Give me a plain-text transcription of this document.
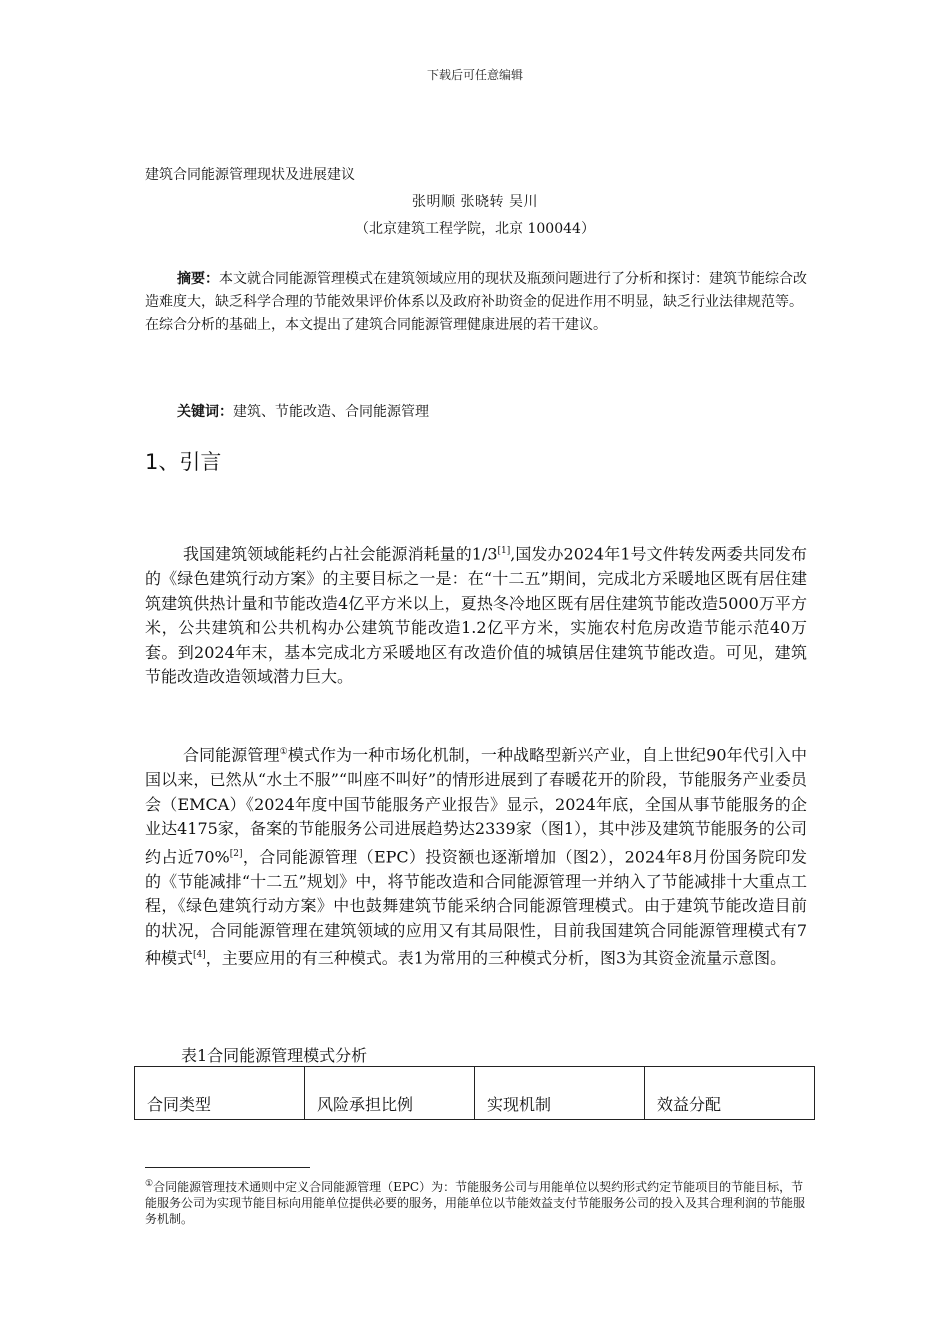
下载后可任意编辑
建筑合同能源管理现状及进展建议
张明顺 张晓转 吴川
（北京建筑工程学院，北京 100044）
摘要：本文就合同能源管理模式在建筑领域应用的现状及瓶颈问题进行了分析和探讨：建筑节能综合改造难度大，缺乏科学合理的节能效果评价体系以及政府补助资金的促进作用不明显，缺乏行业法律规范等。在综合分析的基础上，本文提出了建筑合同能源管理健康进展的若干建议。
关键词：建筑、节能改造、合同能源管理
1、引言
我国建筑领域能耗约占社会能源消耗量的1/3[1],国发办2024年1号文件转发两委共同发布的《绿色建筑行动方案》的主要目标之一是：在“十二五”期间，完成北方采暖地区既有居住建筑建筑供热计量和节能改造4亿平方米以上，夏热冬冷地区既有居住建筑节能改造5000万平方米，公共建筑和公共机构办公建筑节能改造1.2亿平方米，实施农村危房改造节能示范40万套。到2024年末，基本完成北方采暖地区有改造价值的城镇居住建筑节能改造。可见，建筑节能改造改造领域潜力巨大。
合同能源管理①模式作为一种市场化机制，一种战略型新兴产业，自上世纪90年代引入中国以来，已然从“水土不服”“叫座不叫好”的情形进展到了春暖花开的阶段，节能服务产业委员会（EMCA）《2024年度中国节能服务产业报告》显示，2024年底，全国从事节能服务的企业达4175家，备案的节能服务公司进展趋势达2339家（图1），其中涉及建筑节能服务的公司约占近70%[2]，合同能源管理（EPC）投资额也逐渐增加（图2），2024年8月份国务院印发的《节能减排“十二五”规划》中，将节能改造和合同能源管理一并纳入了节能减排十大重点工程，《绿色建筑行动方案》中也鼓舞建筑节能采纳合同能源管理模式。由于建筑节能改造目前的状况，合同能源管理在建筑领域的应用又有其局限性，目前我国建筑合同能源管理模式有7种模式[4]，主要应用的有三种模式。表1为常用的三种模式分析，图3为其资金流量示意图。
表1合同能源管理模式分析
合同类型	风险承担比例	实现机制	效益分配
①合同能源管理技术通则中定义合同能源管理（EPC）为：节能服务公司与用能单位以契约形式约定节能项目的节能目标，节能服务公司为实现节能目标向用能单位提供必要的服务，用能单位以节能效益支付节能服务公司的投入及其合理利润的节能服务机制。
